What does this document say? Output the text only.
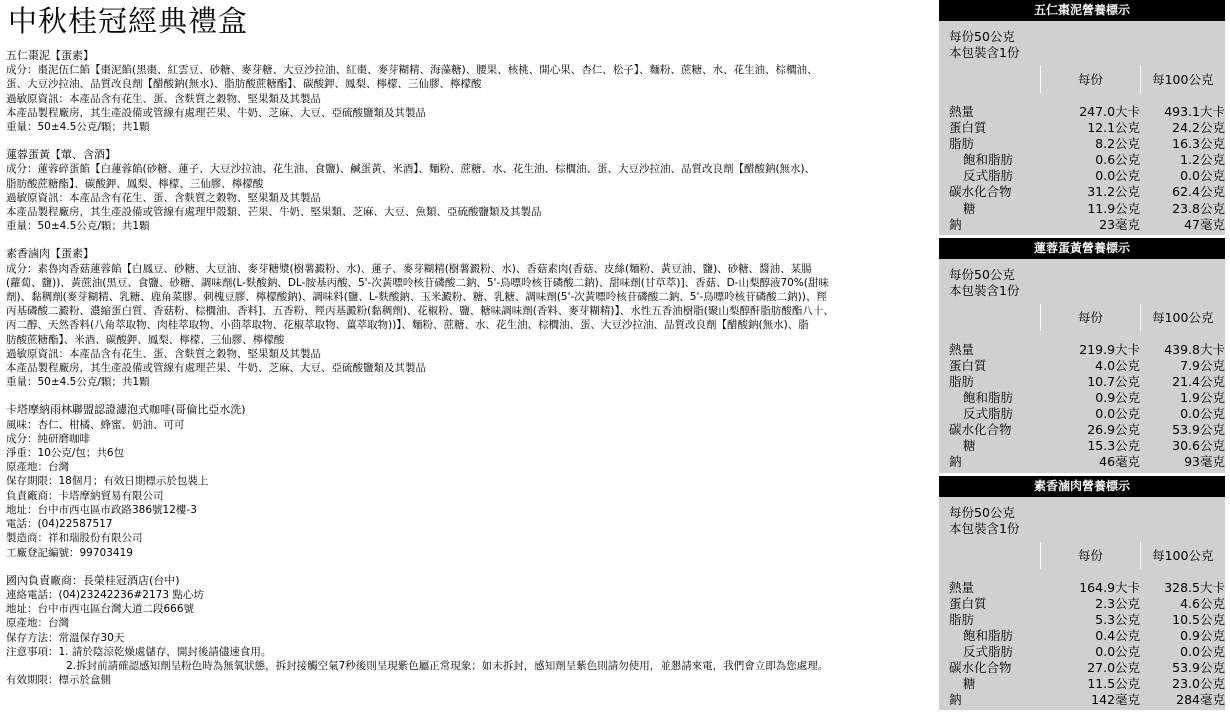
中秋桂冠經典禮盒
五仁棗泥【蛋素】
成分：棗泥伍仁餡【棗泥餡(黑棗、紅雲豆、砂糖、麥芽糖、大豆沙拉油、紅棗、麥芽糊精、海藻糖)、腰果、核桃、開心果、杏仁、松子】、麵粉、蔗糖、水、花生油、棕櫚油、
蛋、大豆沙拉油、品質改良劑【醋酸鈉(無水)、脂肪酸蔗糖酯】、碳酸鉀、鳳梨、檸檬、三仙膠、檸檬酸
過敏原資訊：本產品含有花生、蛋、含麩質之穀物、堅果類及其製品
本產品製程廠房，其生產設備或管線有處理芒果、牛奶、芝麻、大豆、亞硫酸鹽類及其製品
重量：50±4.5公克/顆；共1顆
蓮蓉蛋黃【葷、含酒】
成分：蓮蓉碎蛋餡【白蓮蓉餡(砂糖、蓮子、大豆沙拉油、花生油、食鹽)、鹹蛋黃、米酒】、麵粉、蔗糖、水、花生油、棕櫚油、蛋、大豆沙拉油、品質改良劑【醋酸鈉(無水)、
脂肪酸蔗糖酯】、碳酸鉀、鳳梨、檸檬、三仙膠、檸檬酸
過敏原資訊：本產品含有花生、蛋、含麩質之穀物、堅果類及其製品
本產品製程廠房，其生產設備或管線有處理甲殼類、芒果、牛奶、堅果類、芝麻、大豆、魚類、亞硫酸鹽類及其製品
重量：50±4.5公克/顆；共1顆
素香滷肉【蛋素】
成分：素魯肉香菇蓮蓉餡【白鳳豆、砂糖、大豆油、麥芽糖漿(樹薯澱粉、水)、蓮子、麥芽糊精(樹薯澱粉、水)、香菇素肉(香菇、皮絲(麵粉、黃豆油、鹽)、砂糖、醬油、某腸
(蘿蔔、鹽))、黃蔗油(黑豆、食鹽、砂糖、調味劑(L-麩酸鈉、DL-胺基丙酸、5'-次黃嘌呤核苷磷酸二鈉、5'-鳥嘌呤核苷磷酸二鈉)、甜味劑(甘草萃)]、香菇、D-山梨醇液70%(甜味
劑)、黏稠劑(麥芽糊精、乳糖、鹿角菜膠、刺槐豆膠、檸檬酸鈉)、調味料(鹽、L-麩酸鈉、玉米澱粉、糖、乳糖、調味劑(5'-次黃嘌呤核苷磷酸二鈉、5'-鳥嘌呤核苷磷酸二鈉))、羥
丙基磷酸二澱粉、濃縮蛋白質、香菇粉、棕櫚油、香料]、五香粉、羥丙基澱粉(黏稠劑)、花椒粉、鹽、糖味調味劑(香料、麥芽糊精)】、水性五香油樹脂(聚山梨醇酐脂肪酸酯八十、
丙二醇、天然香料(八角萃取物、肉桂萃取物、小茴萃取物、花椒萃取物、薑萃取物))】、麵粉、蔗糖、水、花生油、棕櫚油、蛋、大豆沙拉油、品質改良劑【醋酸鈉(無水)、脂
肪酸蔗糖酯】、米酒、碳酸鉀、鳳梨、檸檬、三仙膠、檸檬酸
過敏原資訊：本產品含有花生、蛋、含麩質之穀物、堅果類及其製品
本產品製程廠房，其生產設備或管線有處理芒果、牛奶、芝麻、大豆、亞硫酸鹽類及其製品
重量：50±4.5公克/顆；共1顆
卡塔摩納雨林聯盟認證濾泡式咖啡(哥倫比亞水洗)
風味：杏仁、柑橘、蜂蜜、奶油、可可
成分：純研磨咖啡
淨重：10公克/包；共6包
原產地：台灣
保存期限：18個月；有效日期標示於包裝上
負責廠商：卡塔摩納貿易有限公司
地址：台中市西屯區市政路386號12樓-3
電話：(04)22587517
製造商：祥和瑞股份有限公司
工廠登記編號：99703419
國內負責廠商：長榮桂冠酒店(台中)
連絡電話：(04)23242236#2173 點心坊
地址：台中市西屯區台灣大道二段666號
原產地：台灣
保存方法：常溫保存30天
注意事項：1. 請於陰涼乾燥處儲存，開封後請儘速食用。
2.拆封前請確認感知劑呈粉色時為無氧狀態，拆封接觸空氣7秒後則呈現紫色屬正常現象；如未拆封，感知劑呈紫色則請勿使用，並懇請來電，我們會立即為您處理。
有效期限：標示於盒側
五仁棗泥營養標示
每份50公克
本包裝含1份
每份	每100公克
熱量	247.0大卡	493.1大卡
蛋白質	12.1公克	24.2公克
脂肪	8.2公克	16.3公克
飽和脂肪	0.6公克	1.2公克
反式脂肪	0.0公克	0.0公克
碳水化合物	31.2公克	62.4公克
糖	11.9公克	23.8公克
鈉	23毫克	47毫克
蓮蓉蛋黃營養標示
每份50公克
本包裝含1份
每份	每100公克
熱量	219.9大卡	439.8大卡
蛋白質	4.0公克	7.9公克
脂肪	10.7公克	21.4公克
飽和脂肪	0.9公克	1.9公克
反式脂肪	0.0公克	0.0公克
碳水化合物	26.9公克	53.9公克
糖	15.3公克	30.6公克
鈉	46毫克	93毫克
素香滷肉營養標示
每份50公克
本包裝含1份
每份	每100公克
熱量	164.9大卡	328.5大卡
蛋白質	2.3公克	4.6公克
脂肪	5.3公克	10.5公克
飽和脂肪	0.4公克	0.9公克
反式脂肪	0.0公克	0.0公克
碳水化合物	27.0公克	53.9公克
糖	11.5公克	23.0公克
鈉	142毫克	284毫克
